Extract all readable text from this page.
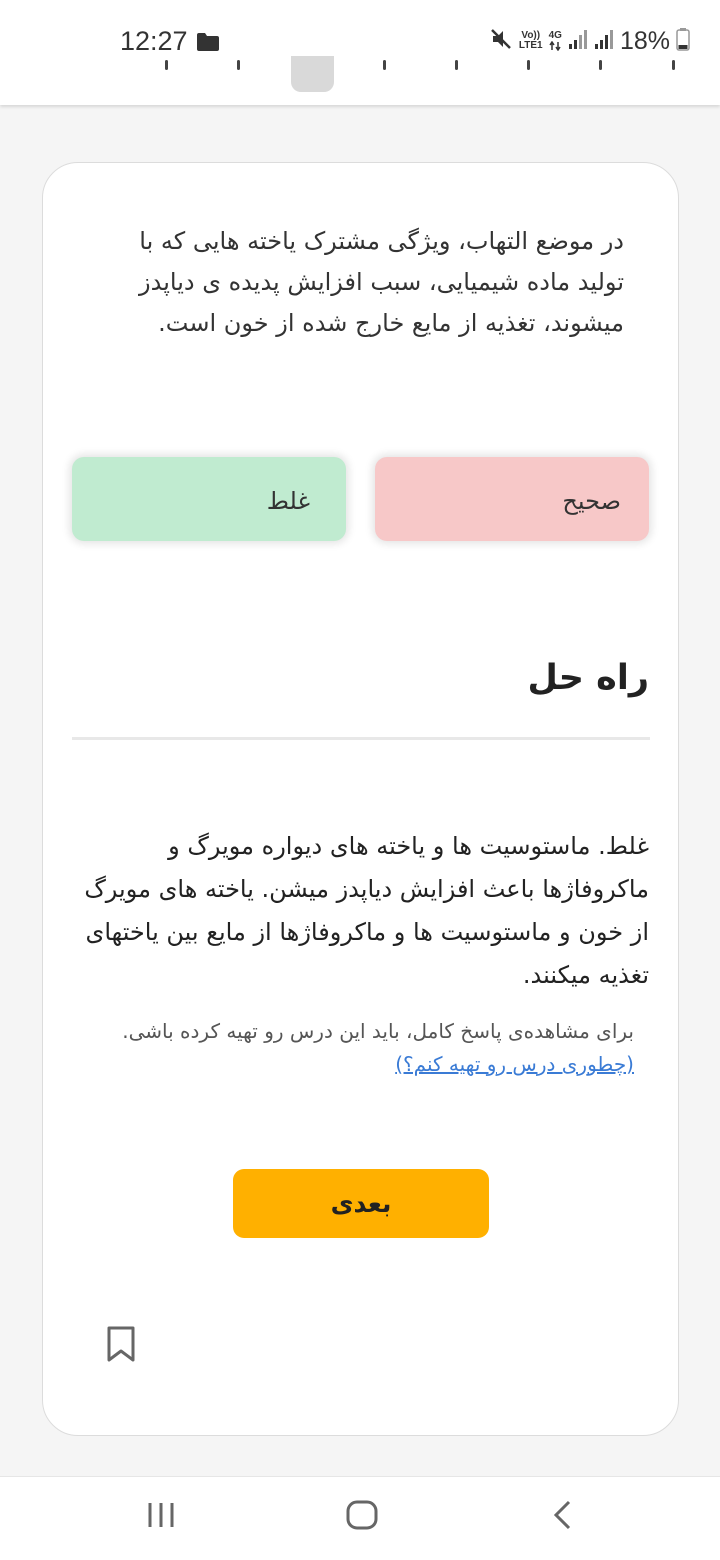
12:27	Vo))
LTE1
4G 18%

در موضع التهاب، ویژگی مشترک یاخته هایی که با تولید ماده شیمیایی، سبب افزایش پدیده ی دیاپدز میشوند، تغذیه از مایع خارج شده از خون است.

صحیح
غلط
راه حل

غلط. ماستوسیت ها و یاخته های دیواره مویرگ و ماکروفاژها باعث افزایش دیاپدز میشن. یاخته های مویرگ از خون و ماستوسیت ها و ماکروفاژها از مایع بین یاختهای تغذیه میکنند.

برای مشاهده‌ی پاسخ کامل، باید این درس رو تهیه کرده باشی. (چطوری درس رو تهیه کنم؟)

بعدی
